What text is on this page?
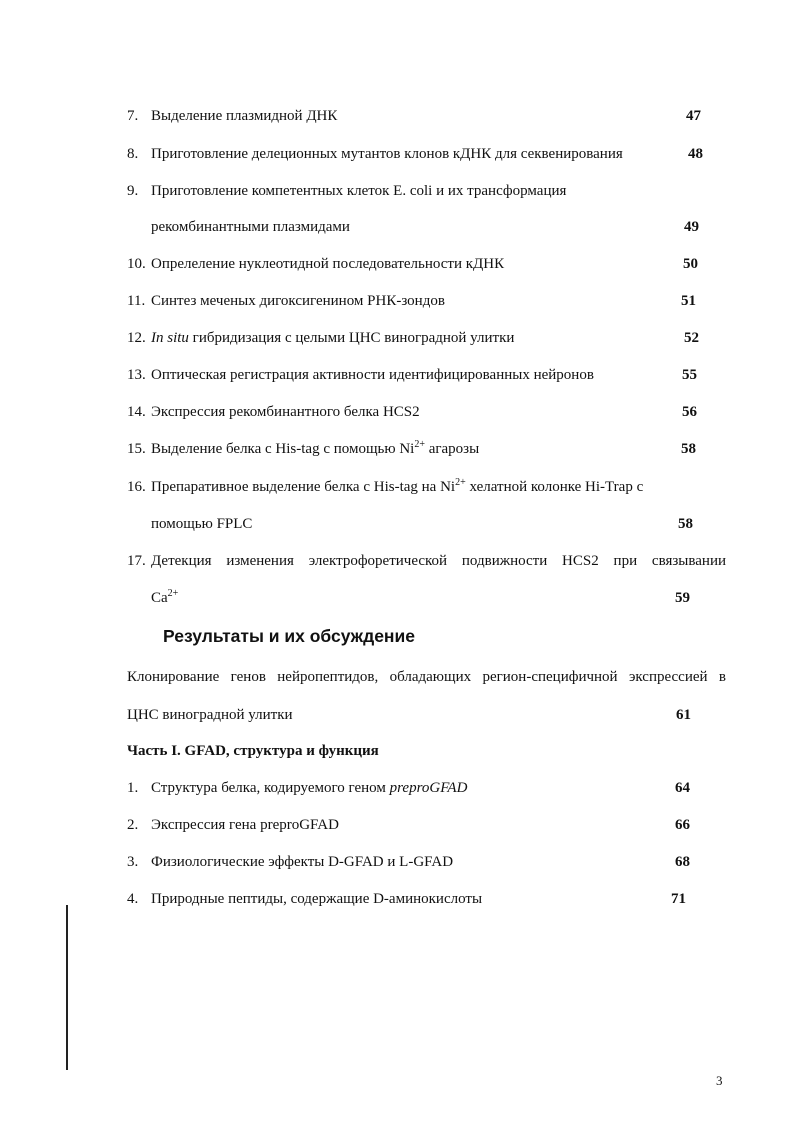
7. Выделение плазмидной ДНК	47
8. Приготовление делеционных мутантов клонов кДНК для секвенирования	48
9. Приготовление компетентных клеток E. coli и их трансформация
рекомбинантными плазмидами	49
10. Опрелеление нуклеотидной последовательности кДНК	50
11. Синтез меченых дигоксигенином РНК-зондов	51
12. In situ гибридизация с целыми ЦНС виноградной улитки	52
13. Оптическая регистрация активности идентифицированных нейронов	55
14. Экспрессия рекомбинантного белка HCS2	56
15. Выделение белка с His-tag с помощью $Ni^{2+}$ агарозы	58
16. Препаративное выделение белка с His-tag на $Ni^{2+}$ хелатной колонке Hi-Trap с
помощью FPLC	58
17. Детекция изменения электрофоретической подвижности HCS2 при связывании
$Ca^{2+}$	59
Результаты и их обсуждение
Клонирование генов нейропептидов, обладающих регион-специфичной экспрессией в
ЦНС виноградной улитки	61
Часть I. GFAD, структура и функция
1. Структура белка, кодируемого геном preproGFAD	64
2. Экспрессия гена preproGFAD	66
3. Физиологические эффекты D-GFAD и L-GFAD	68
4. Природные пептиды, содержащие D-аминокислоты	71
3
